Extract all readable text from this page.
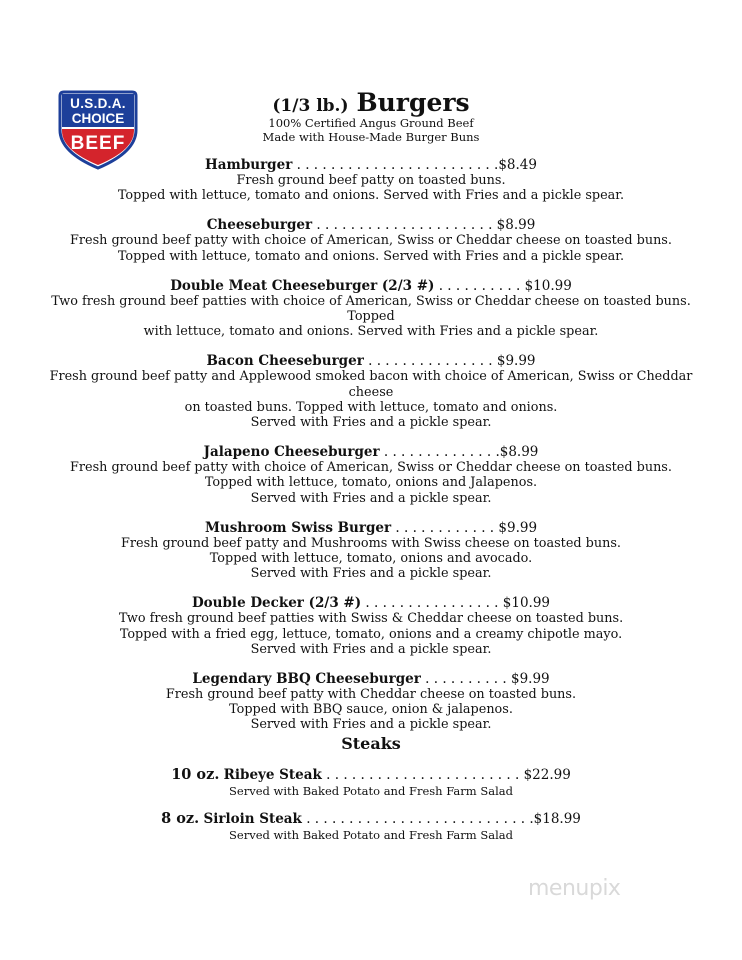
U.S.D.A.
CHOICE
BEEF
(1/3 lb.) Burgers
100% Certified Angus Ground Beef
Made with House-Made Burger Buns
Hamburger . . . . . . . . . . . . . . . . . . . . . . . .$8.49
Fresh ground beef patty on toasted buns.
Topped with lettuce, tomato and onions. Served with Fries and a pickle spear.
Cheeseburger . . . . . . . . . . . . . . . . . . . . . $8.99
Fresh ground beef patty with choice of American, Swiss or Cheddar cheese on toasted buns.
Topped with lettuce, tomato and onions. Served with Fries and a pickle spear.
Double Meat Cheeseburger (2/3 #) . . . . . . . . . . $10.99
Two fresh ground beef patties with choice of American, Swiss or Cheddar cheese on toasted buns. Topped
with lettuce, tomato and onions. Served with Fries and a pickle spear.
Bacon Cheeseburger . . . . . . . . . . . . . . . $9.99
Fresh ground beef patty and Applewood smoked bacon with choice of American, Swiss or Cheddar cheese
on toasted buns. Topped with lettuce, tomato and onions.
Served with Fries and a pickle spear.
Jalapeno Cheeseburger . . . . . . . . . . . . . .$8.99
Fresh ground beef patty with choice of American, Swiss or Cheddar cheese on toasted buns.
Topped with lettuce, tomato, onions and Jalapenos.
Served with Fries and a pickle spear.
Mushroom Swiss Burger . . . . . . . . . . . . $9.99
Fresh ground beef patty and Mushrooms with Swiss cheese on toasted buns.
Topped with lettuce, tomato, onions and avocado.
Served with Fries and a pickle spear.
Double Decker (2/3 #) . . . . . . . . . . . . . . . . $10.99
Two fresh ground beef patties with Swiss & Cheddar cheese on toasted buns.
Topped with a fried egg, lettuce, tomato, onions and a creamy chipotle mayo.
Served with Fries and a pickle spear.
Legendary BBQ Cheeseburger . . . . . . . . . . $9.99
Fresh ground beef patty with Cheddar cheese on toasted buns.
Topped with BBQ sauce, onion & jalapenos.
Served with Fries and a pickle spear.
Steaks
10 oz. Ribeye Steak . . . . . . . . . . . . . . . . . . . . . . . $22.99
Served with Baked Potato and Fresh Farm Salad
8 oz. Sirloin Steak . . . . . . . . . . . . . . . . . . . . . . . . . . .$18.99
Served with Baked Potato and Fresh Farm Salad
menupix
